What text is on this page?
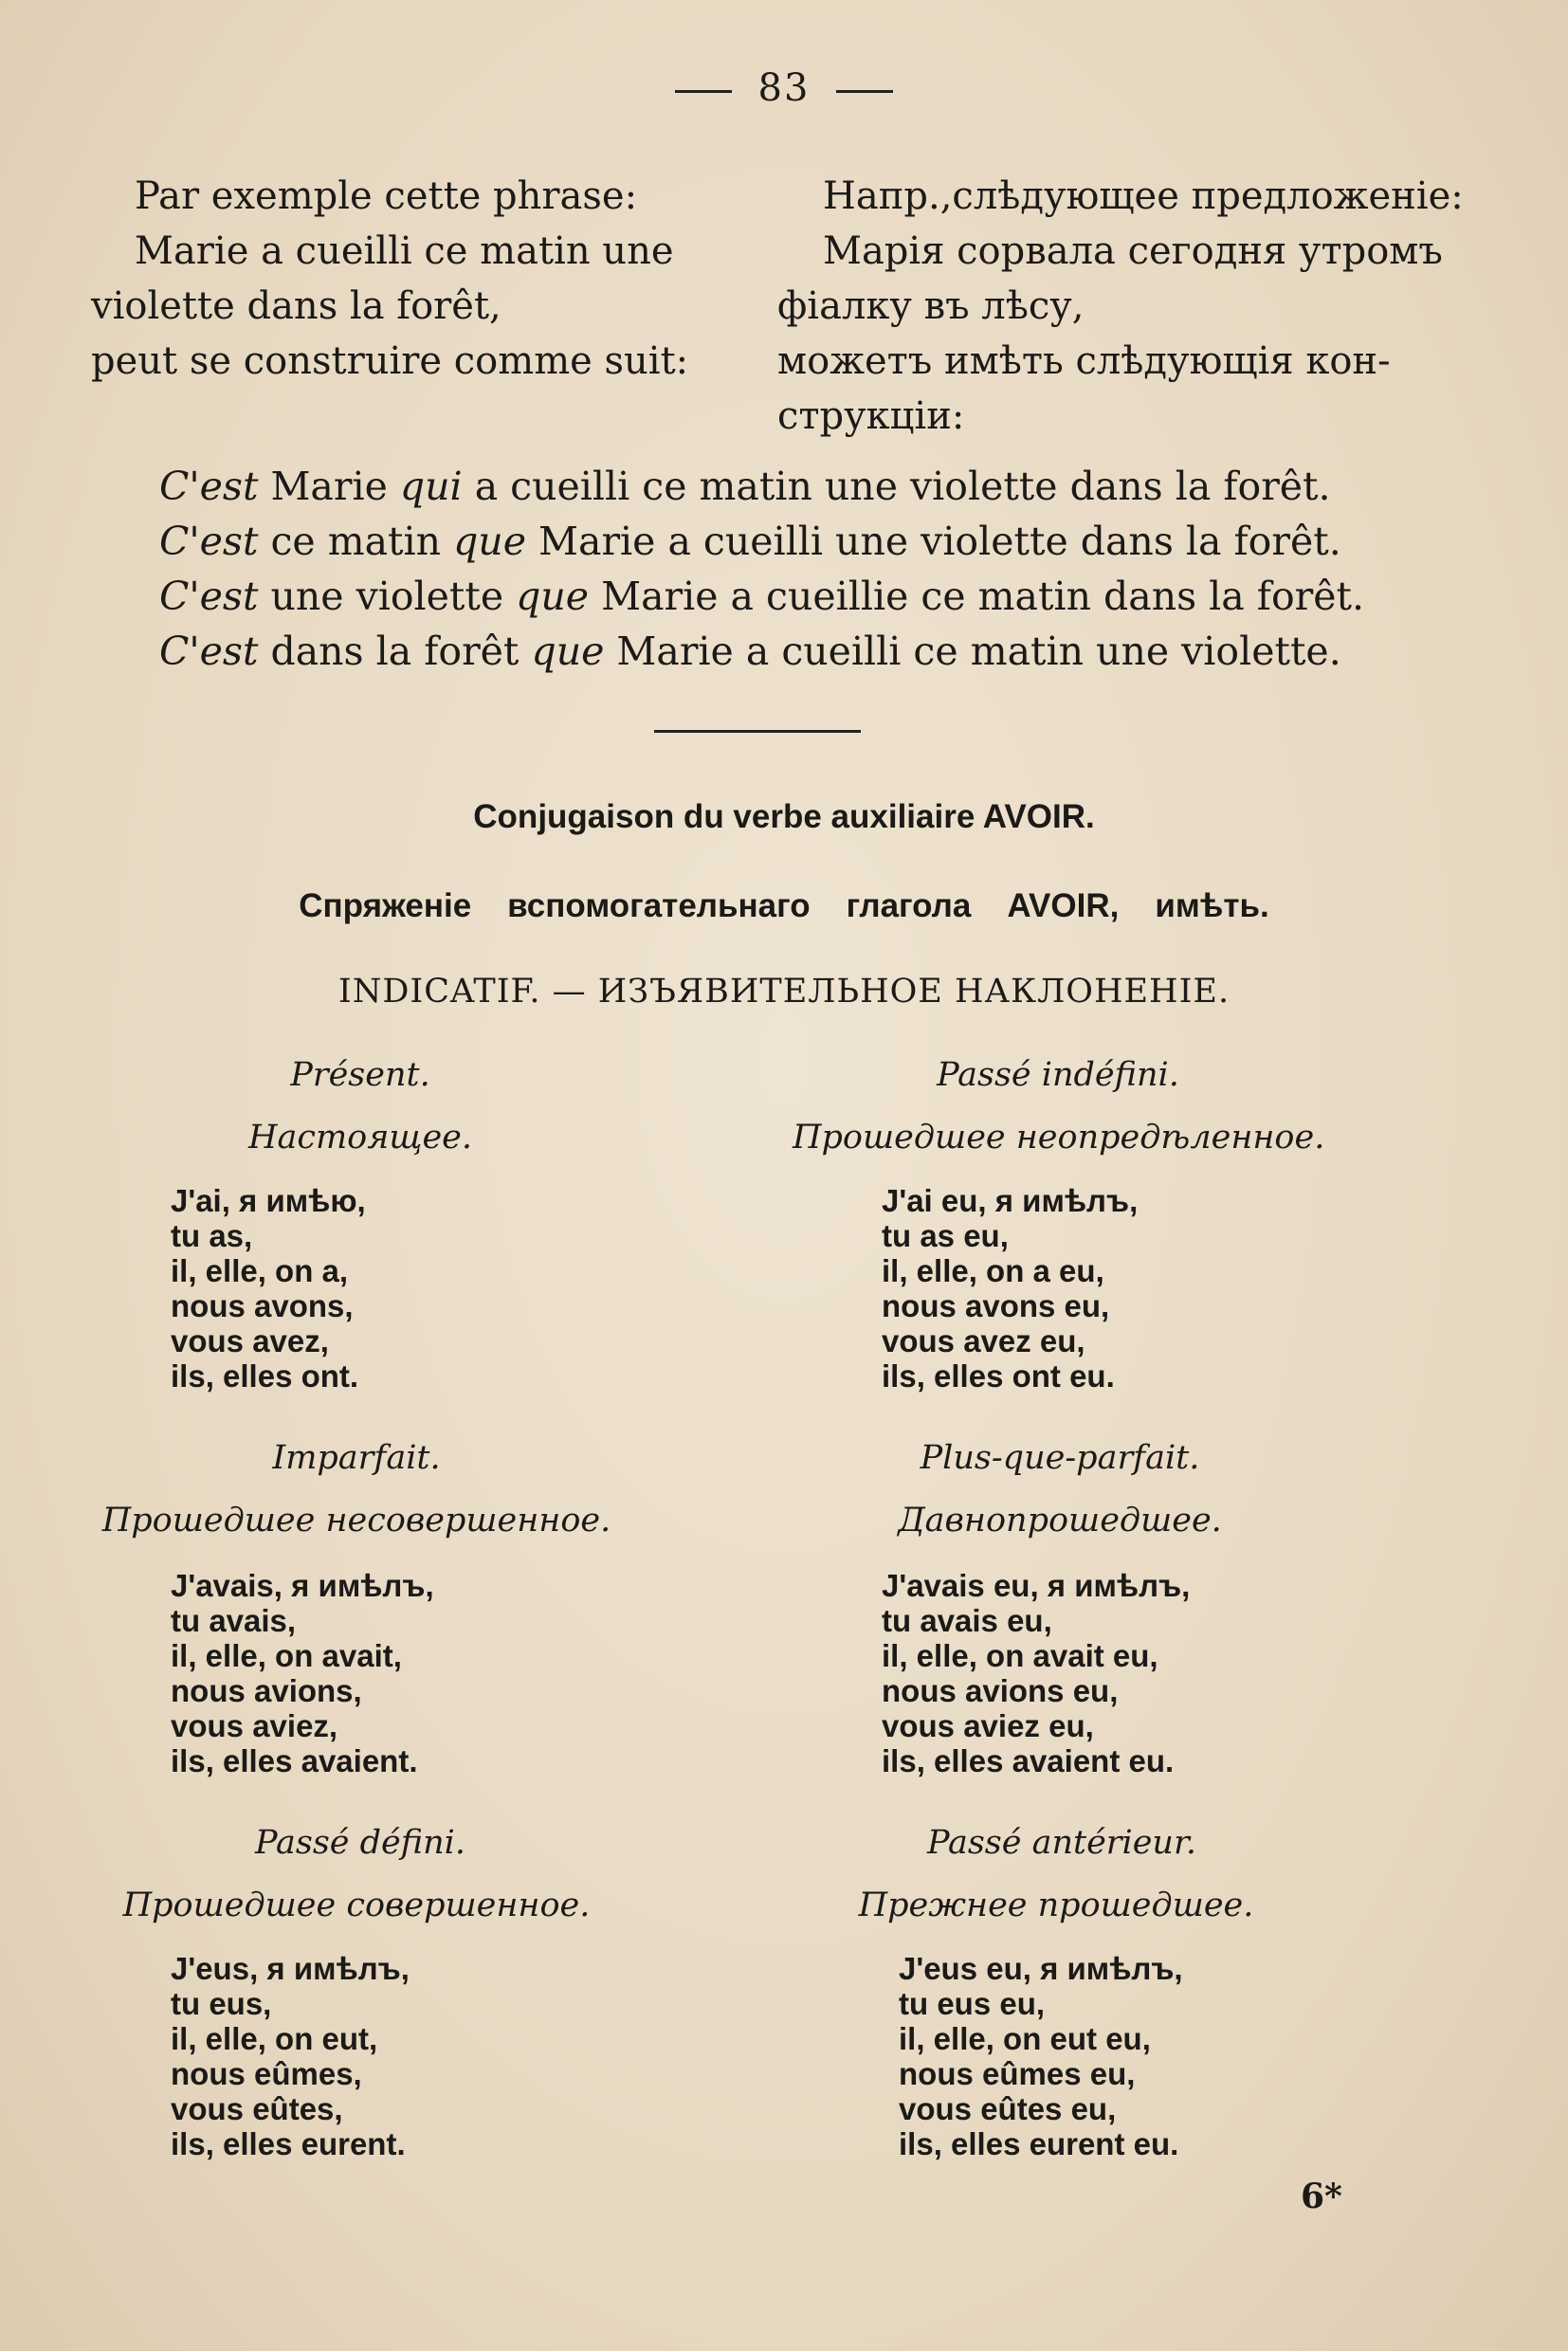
83
Par exemple cette phrase:
Marie a cueilli ce matin une
violette dans la forêt,
peut se construire comme suit:
Напр.,слѣдующее предложеніе:
Марія сорвала сегодня утромъ
фіалку въ лѣсу,
можетъ имѣть слѣдующія кон-
струкціи:
C'est Marie qui a cueilli ce matin une violette dans la forêt.
C'est ce matin que Marie a cueilli une violette dans la forêt.
C'est une violette que Marie a cueillie ce matin dans la forêt.
C'est dans la forêt que Marie a cueilli ce matin une violette.
Conjugaison du verbe auxiliaire AVOIR.
Спряженіе вспомогательнаго глагола AVOIR, имѣть.
INDICATIF. — ИЗЪЯВИТЕЛЬНОЕ НАКЛОНЕНІЕ.
Présent.
Настоящее.
J'ai, я имѣю,
tu as,
il, elle, on a,
nous avons,
vous avez,
ils, elles ont.
Passé indéfini.
Прошедшее неопредѣленное.
J'ai eu, я имѣлъ,
tu as eu,
il, elle, on a eu,
nous avons eu,
vous avez eu,
ils, elles ont eu.
Imparfait.
Прошедшее несовершенное.
J'avais, я имѣлъ,
tu avais,
il, elle, on avait,
nous avions,
vous aviez,
ils, elles avaient.
Plus-que-parfait.
Давнопрошедшее.
J'avais eu, я имѣлъ,
tu avais eu,
il, elle, on avait eu,
nous avions eu,
vous aviez eu,
ils, elles avaient eu.
Passé défini.
Прошедшее совершенное.
J'eus, я имѣлъ,
tu eus,
il, elle, on eut,
nous eûmes,
vous eûtes,
ils, elles eurent.
Passé antérieur.
Прежнее прошедшее.
J'eus eu, я имѣлъ,
tu eus eu,
il, elle, on eut eu,
nous eûmes eu,
vous eûtes eu,
ils, elles eurent eu.
6*
